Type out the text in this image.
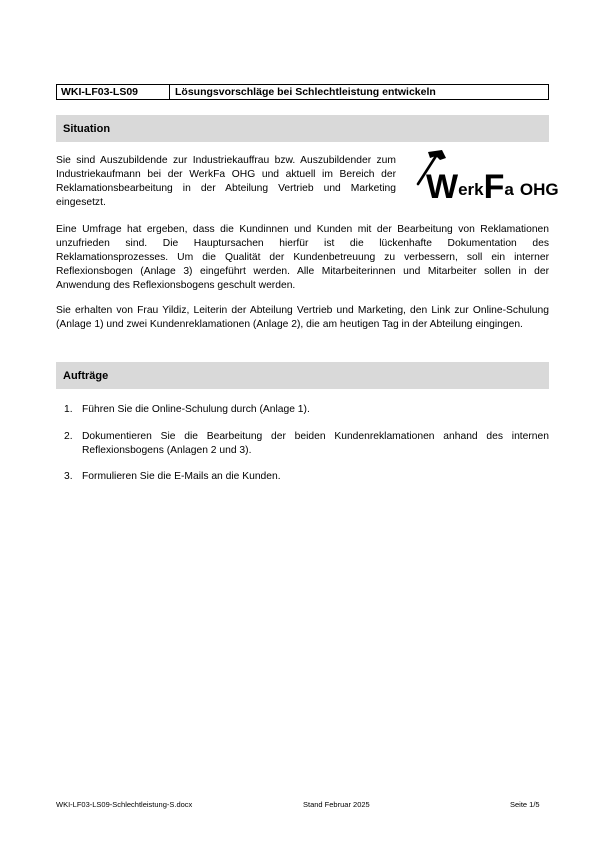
WKI-LF03-LS09	Lösungsvorschläge bei Schlechtleistung entwickeln
Situation

Sie sind Auszubildende zur Industriekauffrau bzw. Auszubildender zum Industriekaufmann bei der WerkFa OHG und aktuell im Bereich der Reklamationsbearbeitung in der Abteilung Vertrieb und Marketing eingesetzt.	WerkFa OHG

Eine Umfrage hat ergeben, dass die Kundinnen und Kunden mit der Bearbeitung von Reklamationen unzufrieden sind. Die Hauptursachen hierfür ist die lückenhafte Dokumentation des Reklamationsprozesses. Um die Qualität der Kundenbetreuung zu verbessern, soll ein interner Reflexionsbogen (Anlage 3) eingeführt werden. Alle Mitarbeiterinnen und Mitarbeiter sollen in der Anwendung des Reflexionsbogens geschult werden.

Sie erhalten von Frau Yildiz, Leiterin der Abteilung Vertrieb und Marketing, den Link zur Online-Schulung (Anlage 1) und zwei Kundenreklamationen (Anlage 2), die am heutigen Tag in der Abteilung eingingen.

Aufträge
1. Führen Sie die Online-Schulung durch (Anlage 1).
2. Dokumentieren Sie die Bearbeitung der beiden Kundenreklamationen anhand des internen Reflexionsbogens (Anlagen 2 und 3).
3. Formulieren Sie die E-Mails an die Kunden.
WKI-LF03-LS09-Schlechtleistung-S.docx	Stand Februar 2025	Seite 1/5
